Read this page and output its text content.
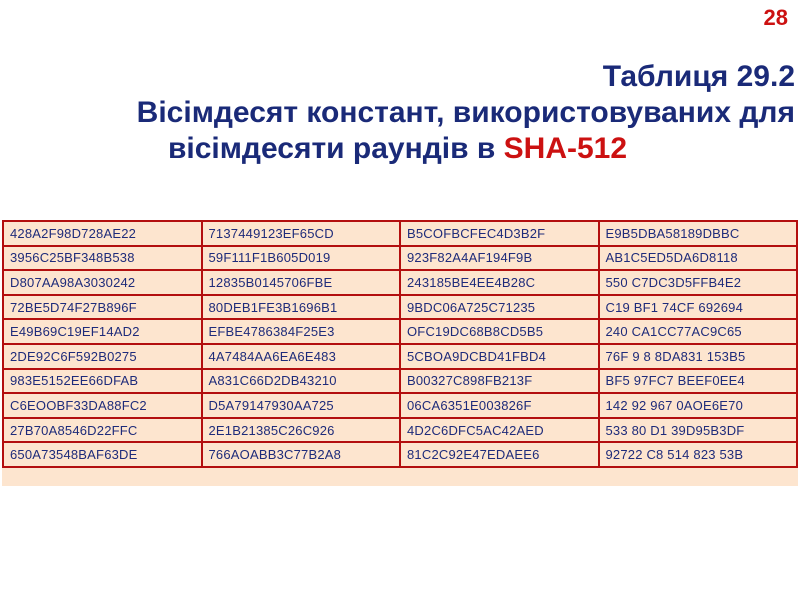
28
Таблиця 29.2
Вісімдесят констант, використовуваних для
вісімдесяти раундів в SHA-512
428A2F98D728AE22	7137449123EF65CD	B5COFBCFEC4D3B2F	E9B5DBA58189DBBC
3956C25BF348B538	59F111F1B605D019	923F82A4AF194F9B	AB1C5ED5DA6D8118
D807AA98A3030242	12835B0145706FBE	243185BE4EE4B28C	550 C7DC3D5FFB4E2
72BE5D74F27B896F	80DEB1FE3B1696B1	9BDC06A725C71235	C19 BF1 74CF 692694
E49B69C19EF14AD2	EFBE4786384F25E3	OFC19DC68B8CD5B5	240 CA1CC77AC9C65
2DE92C6F592B0275	4A7484AA6EA6E483	5CBOA9DCBD41FBD4	76F 9 8 8DA831 153B5
983E5152EE66DFAB	A831C66D2DB43210	B00327C898FB213F	BF5 97FC7 BEEF0EE4
C6EOOBF33DA88FC2	D5A79147930AA725	06CA6351E003826F	142 92 967 0AOE6E70
27B70A8546D22FFC	2E1B21385C26C926	4D2C6DFC5AC42AED	533 80 D1 39D95B3DF
650A73548BAF63DE	766AOABB3C77B2A8	81C2C92E47EDAEE6	92722 C8 514 823 53B
